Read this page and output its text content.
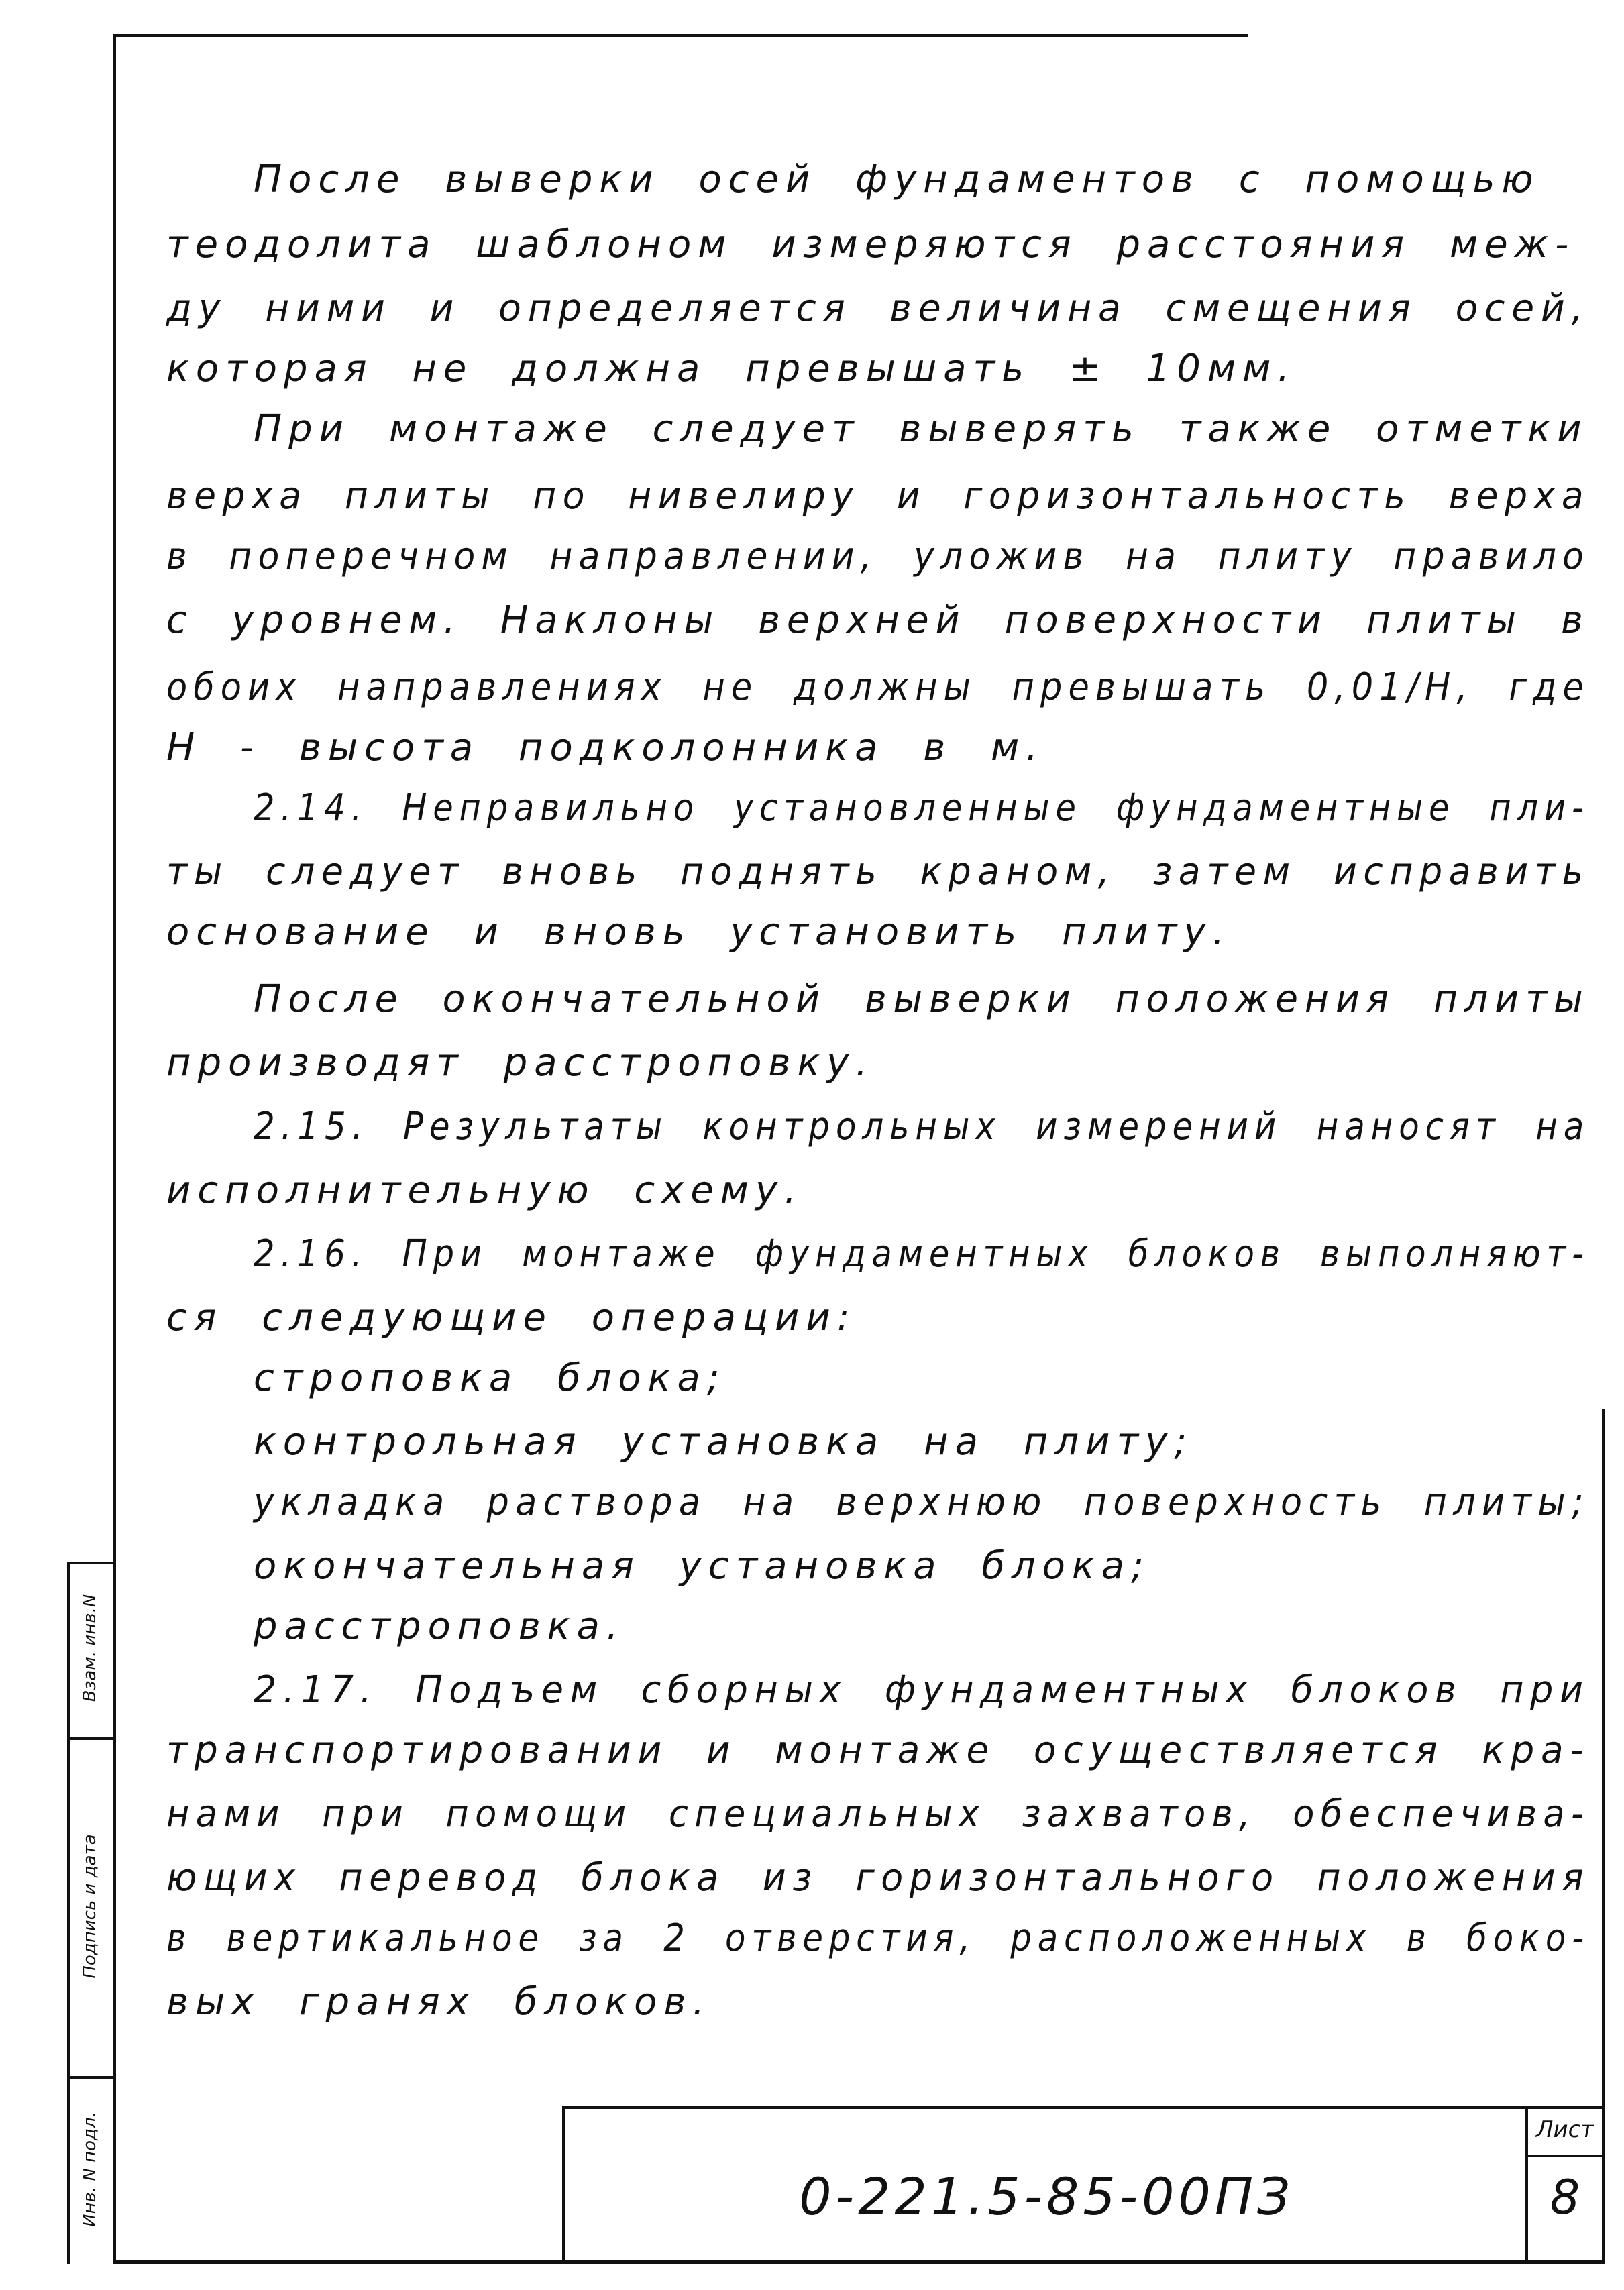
Взам. инв.N
Подпись и дата
Инв. N подл.
После выверки осей фундаментов с помощью
теодолита шаблоном измеряются расстояния меж-
ду ними и определяется величина смещения осей,
которая не должна превышать ± 10мм.
При монтаже следует выверять также отметки
верха плиты по нивелиру и горизонтальность верха
в поперечном направлении, уложив на плиту правило
с уровнем. Наклоны верхней поверхности плиты в
обоих направлениях не должны превышать 0,01/H, где
H - высота подколонника в м.
2.14. Неправильно установленные фундаментные пли-
ты следует вновь поднять краном, затем исправить
основание и вновь установить плиту.
После окончательной выверки положения плиты
производят расстроповку.
2.15. Результаты контрольных измерений наносят на
исполнительную схему.
2.16. При монтаже фундаментных блоков выполняют-
ся следующие операции:
строповка блока;
контрольная установка на плиту;
укладка раствора на верхнюю поверхность плиты;
окончательная установка блока;
расстроповка.
2.17. Подъем сборных фундаментных блоков при
транспортировании и монтаже осуществляется кра-
нами при помощи специальных захватов, обеспечива-
ющих перевод блока из горизонтального положения
в вертикальное за 2 отверстия, расположенных в боко-
вых гранях блоков.
0-221.5-85-00ПЗ
Лист
8
